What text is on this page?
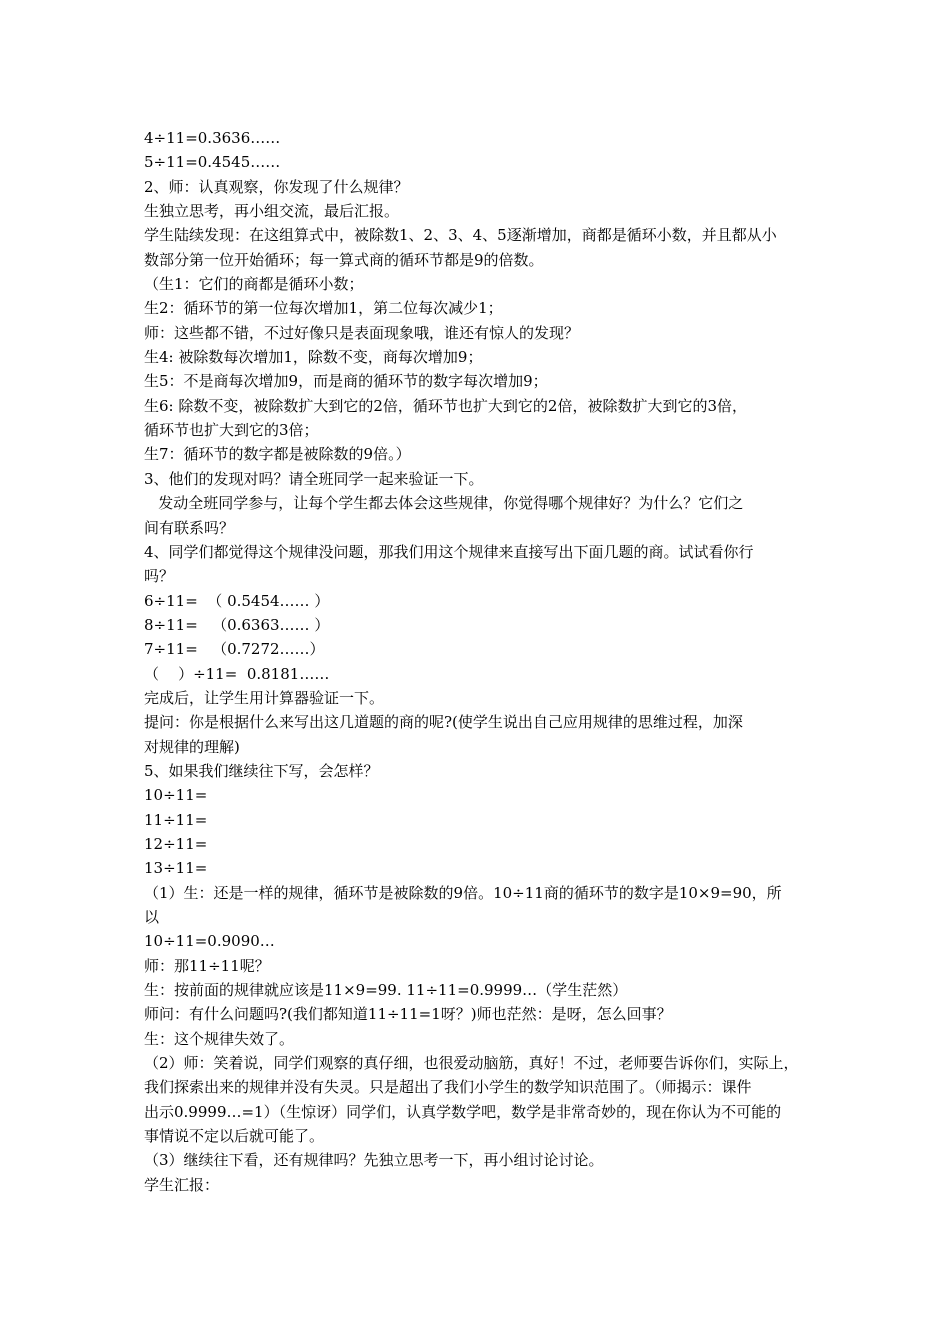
4÷11=0.3636……
5÷11=0.4545……
2、师：认真观察，你发现了什么规律？
生独立思考，再小组交流，最后汇报。
学生陆续发现：在这组算式中，被除数1、2、3、4、5逐渐增加，商都是循环小数，并且都从小
数部分第一位开始循环；每一算式商的循环节都是9的倍数。
（生1：它们的商都是循环小数；
生2：循环节的第一位每次增加1，第二位每次减少1；
师：这些都不错，不过好像只是表面现象哦，谁还有惊人的发现？
生4: 被除数每次增加1，除数不变，商每次增加9；
生5：不是商每次增加9，而是商的循环节的数字每次增加9；
生6: 除数不变，被除数扩大到它的2倍，循环节也扩大到它的2倍，被除数扩大到它的3倍，
循环节也扩大到它的3倍；
生7：循环节的数字都是被除数的9倍。）
3、他们的发现对吗？请全班同学一起来验证一下。
发动全班同学参与，让每个学生都去体会这些规律，你觉得哪个规律好？为什么？它们之
间有联系吗？
4、同学们都觉得这个规律没问题，那我们用这个规律来直接写出下面几题的商。试试看你行
吗？
6÷11=  （ 0.5454…… ）
8÷11=   （0.6363…… ）
7÷11=   （0.7272……）
（    ）÷11=  0.8181……
完成后，让学生用计算器验证一下。
提问：你是根据什么来写出这几道题的商的呢?(使学生说出自己应用规律的思维过程，加深
对规律的理解)
5、如果我们继续往下写，会怎样？
10÷11=
11÷11=
12÷11=
13÷11=
（1）生：还是一样的规律，循环节是被除数的9倍。10÷11商的循环节的数字是10×9=90，所
以
10÷11=0.9090…
师：那11÷11呢？
生：按前面的规律就应该是11×9=99. 11÷11=0.9999…（学生茫然）
师问：有什么问题吗?(我们都知道11÷11=1呀？)师也茫然：是呀，怎么回事？
生：这个规律失效了。
（2）师：笑着说，同学们观察的真仔细，也很爱动脑筋，真好！不过，老师要告诉你们，实际上，
我们探索出来的规律并没有失灵。只是超出了我们小学生的数学知识范围了。（师揭示：课件
出示0.9999…=1）（生惊讶）同学们，认真学数学吧，数学是非常奇妙的，现在你认为不可能的
事情说不定以后就可能了。
（3）继续往下看，还有规律吗？先独立思考一下，再小组讨论讨论。
学生汇报：
